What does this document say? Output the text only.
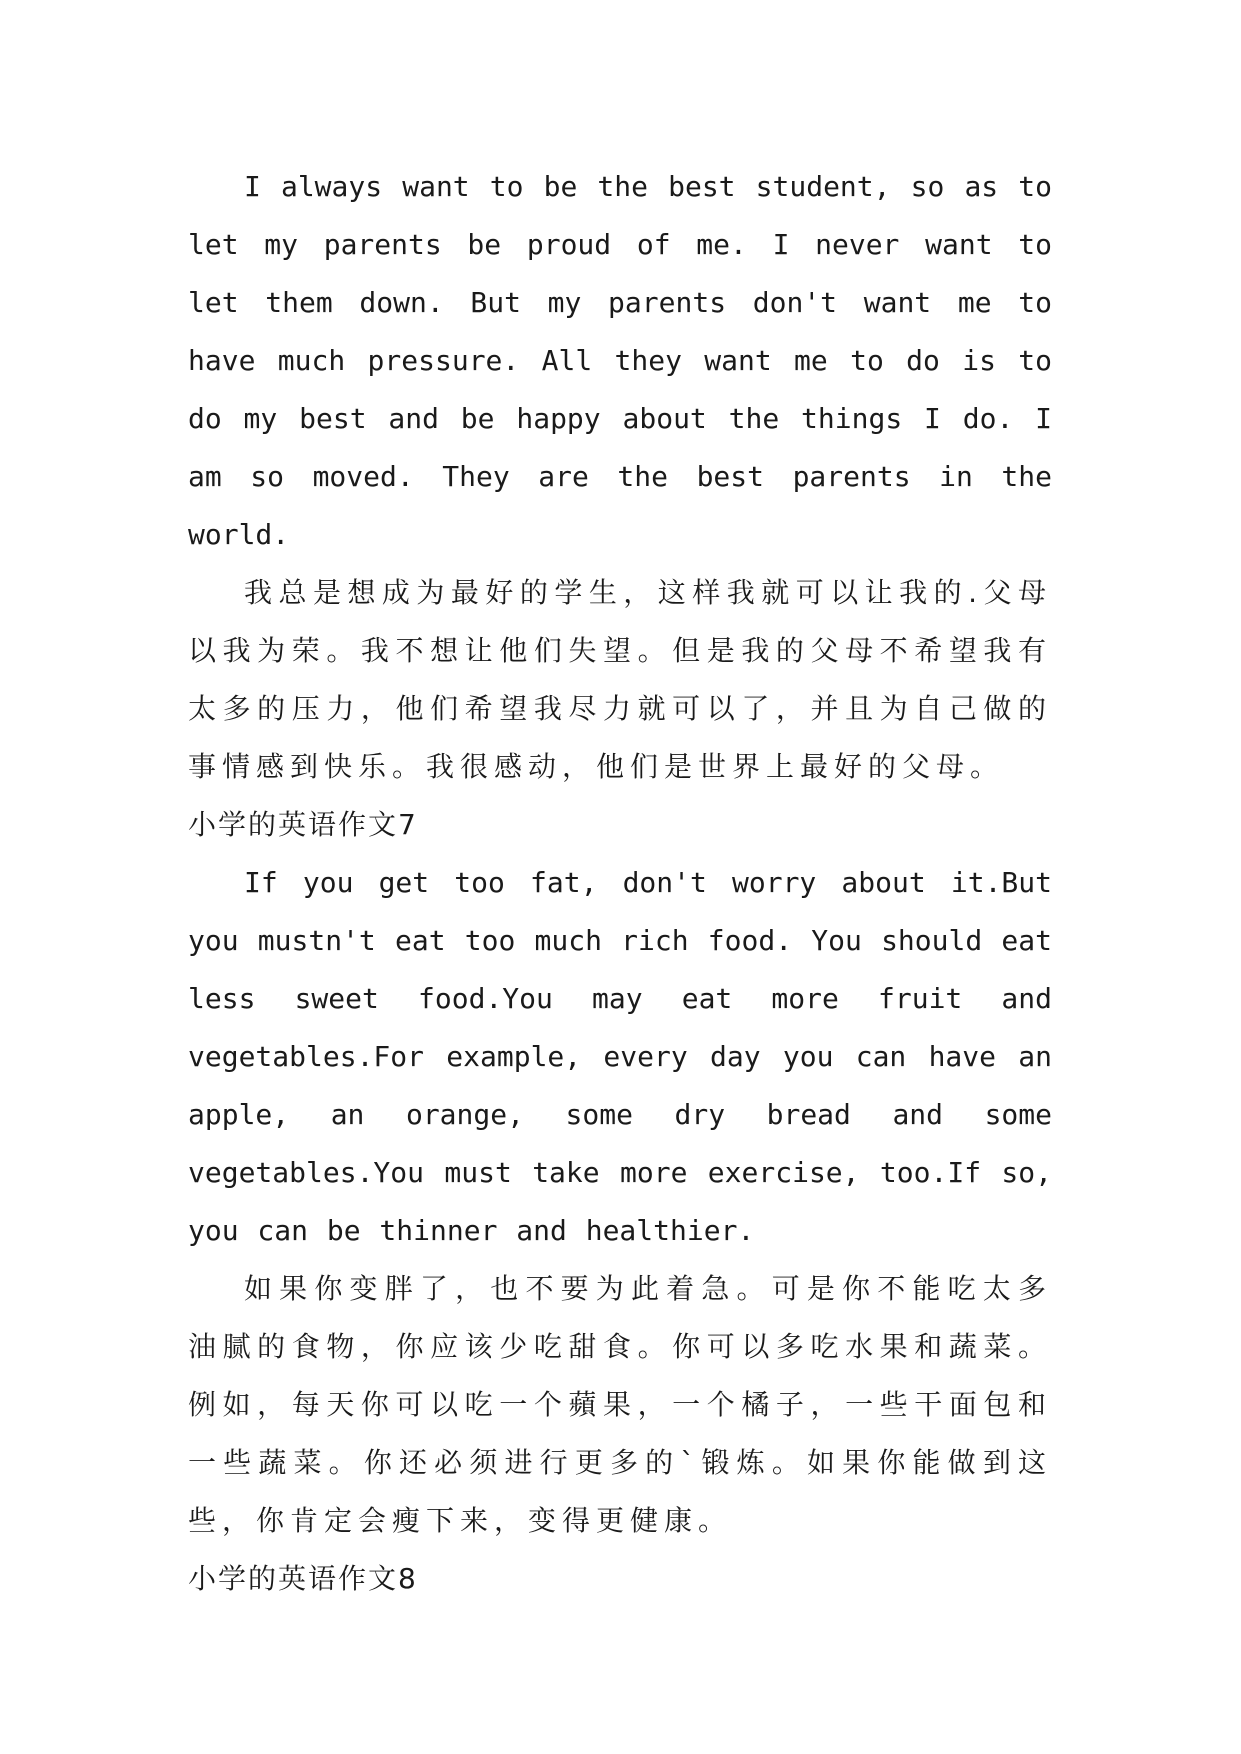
I always want to be the best student, so as to let my parents be proud of me. I never want to let them down. But my parents don't want me to have much pressure. All they want me to do is to do my best and be happy about the things I do. I am so moved. They are the best parents in the world.

我总是想成为最好的学生，这样我就可以让我的.父母以我为荣。我不想让他们失望。但是我的父母不希望我有太多的压力，他们希望我尽力就可以了，并且为自己做的事情感到快乐。我很感动，他们是世界上最好的父母。

小学的英语作文7

If you get too fat, don't worry about it.But you mustn't eat too much rich food. You should eat less sweet food.You may eat more fruit and vegetables.For example, every day you can have an apple, an orange, some dry bread and some vegetables.You must take more exercise, too.If so, you can be thinner and healthier.

如果你变胖了，也不要为此着急。可是你不能吃太多油腻的食物，你应该少吃甜食。你可以多吃水果和蔬菜。例如，每天你可以吃一个蘋果，一个橘子，一些干面包和一些蔬菜。你还必须进行更多的`锻炼。如果你能做到这些，你肯定会瘦下来，变得更健康。

小学的英语作文8
